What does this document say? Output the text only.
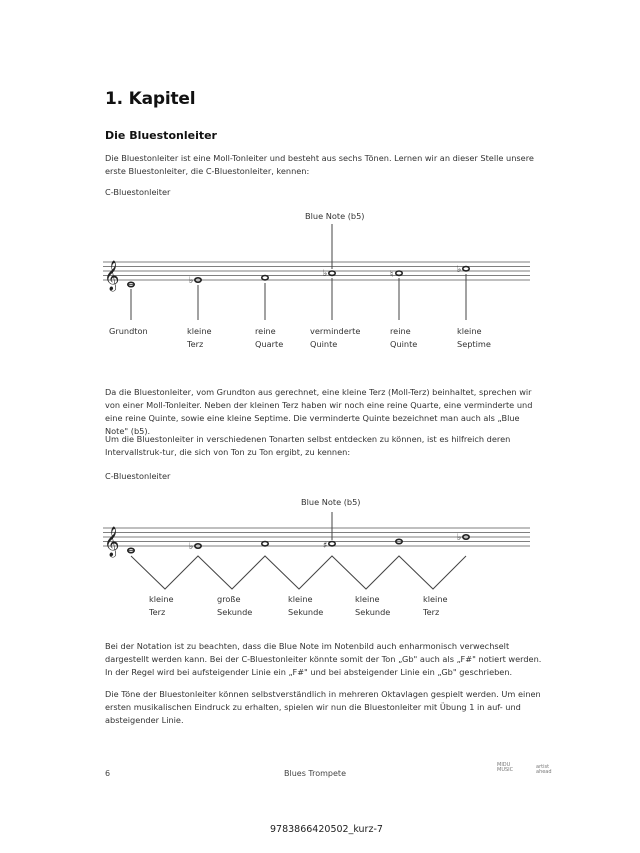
1. Kapitel
Die Bluestonleiter
Die Bluestonleiter ist eine Moll-Tonleiter und besteht aus sechs Tönen. Lernen wir an dieser Stelle unsere erste Bluestonleiter, die C-Bluestonleiter, kennen:
C-Bluestonleiter
𝄞	♭
♭	♮	♭
Blue Note (b5)
Grundton	kleine
Terz
reine
Quarte
verminderte
Quinte
reine
Quinte
kleine
Septime
Da die Bluestonleiter, vom Grundton aus gerechnet, eine kleine Terz (Moll-Terz) beinhaltet, sprechen wir von einer Moll-Tonleiter. Neben der kleinen Terz haben wir noch eine reine Quarte, eine verminderte und eine reine Quinte, sowie eine kleine Septime. Die verminderte Quinte bezeichnet man auch als „Blue Note" (b5).
Um die Bluestonleiter in verschiedenen Tonarten selbst entdecken zu können, ist es hilfreich deren Intervallstruk-tur, die sich von Ton zu Ton ergibt, zu kennen:
C-Bluestonleiter
𝄞	♭	♯
♭
Blue Note (b5)
kleine
Terz
große
Sekunde
kleine
Sekunde
kleine
Sekunde
kleine
Terz
Bei der Notation ist zu beachten, dass die Blue Note im Notenbild auch enharmonisch verwechselt dargestellt werden kann. Bei der C-Bluestonleiter könnte somit der Ton „Gb" auch als „F#" notiert werden. In der Regel wird bei aufsteigender Linie ein „F#" und bei absteigender Linie ein „Gb" geschrieben.
Die Töne der Bluestonleiter können selbstverständlich in mehreren Oktavlagen gespielt werden. Um einen ersten musikalischen Eindruck zu erhalten, spielen wir nun die Bluestonleiter mit Übung 1 in auf- und absteigender Linie.
6	Blues Trompete
MIDU MUSIC	artist ahead
9783866420502_kurz-7
